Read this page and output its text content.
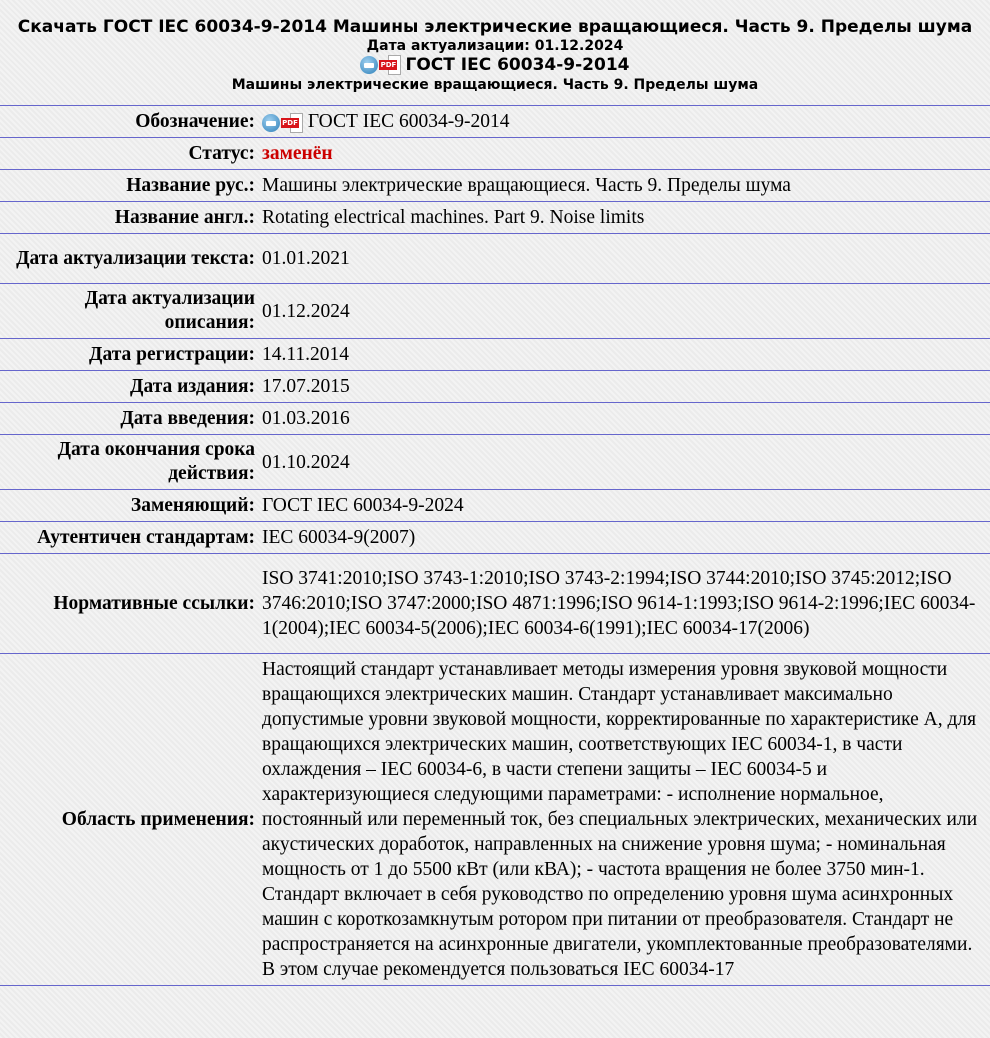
Скачать ГОСТ IEC 60034-9-2014 Машины электрические вращающиеся. Часть 9. Пределы шума
Дата актуализации: 01.12.2024
PDF ГОСТ IEC 60034-9-2014
Машины электрические вращающиеся. Часть 9. Пределы шума
Обозначение:	PDF ГОСТ IEC 60034-9-2014
Статус:	заменён
Название рус.:	Машины электрические вращающиеся. Часть 9. Пределы шума
Название англ.:	Rotating electrical machines. Part 9. Noise limits
Дата актуализации текста:	01.01.2021
Дата актуализации описания:	01.12.2024
Дата регистрации:	14.11.2014
Дата издания:	17.07.2015
Дата введения:	01.03.2016
Дата окончания срока действия:	01.10.2024
Заменяющий:	ГОСТ IEC 60034-9-2024
Аутентичен стандартам:	IEC 60034-9(2007)
Нормативные ссылки:	ISO 3741:2010;ISO 3743-1:2010;ISO 3743-2:1994;ISO 3744:2010;ISO 3745:2012;ISO 3746:2010;ISO 3747:2000;ISO 4871:1996;ISO 9614-1:1993;ISO 9614-2:1996;IEC 60034-1(2004);IEC 60034-5(2006);IEC 60034-6(1991);IEC 60034-17(2006)
Область применения:	Настоящий стандарт устанавливает методы измерения уровня звуковой мощности вращающихся электрических машин. Стандарт устанавливает максимально допустимые уровни звуковой мощности, корректированные по характеристике А, для вращающихся электрических машин, соответствующих IEC 60034-1, в части охлаждения – IEC 60034-6, в части степени защиты – IEC 60034-5 и характеризующиеся следующими параметрами: - исполнение нормальное, постоянный или переменный ток, без специальных электрических, механических или акустических доработок, направленных на снижение уровня шума; - номинальная мощность от 1 до 5500 кВт (или кВА); - частота вращения не более 3750 мин-1. Стандарт включает в себя руководство по определению уровня шума асинхронных машин с короткозамкнутым ротором при питании от преобразователя. Стандарт не распространяется на асинхронные двигатели, укомплектованные преобразователями. В этом случае рекомендуется пользоваться IEC 60034-17
